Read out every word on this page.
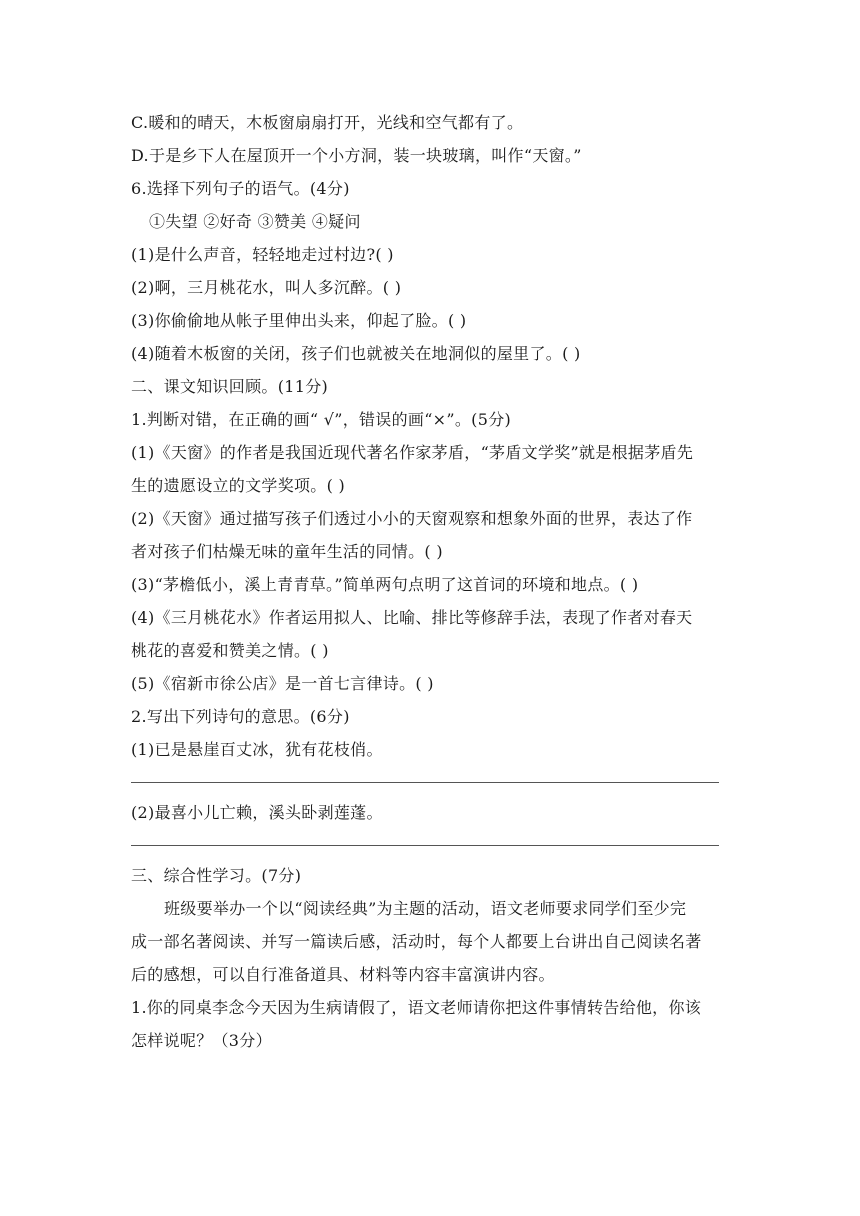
C.暖和的晴天，木板窗扇扇打开，光线和空气都有了。
D.于是乡下人在屋顶开一个小方洞，装一块玻璃，叫作“天窗。”
6.选择下列句子的语气。(4分)
①失望 ②好奇 ③赞美 ④疑问
(1)是什么声音，轻轻地走过村边?( )
(2)啊，三月桃花水，叫人多沉醉。( )
(3)你偷偷地从帐子里伸出头来，仰起了脸。( )
(4)随着木板窗的关闭，孩子们也就被关在地洞似的屋里了。( )
二、课文知识回顾。(11分)
1.判断对错，在正确的画“ √”，错误的画“×”。(5分)
(1)《天窗》的作者是我国近现代著名作家茅盾，“茅盾文学奖”就是根据茅盾先
生的遗愿设立的文学奖项。( )
(2)《天窗》通过描写孩子们透过小小的天窗观察和想象外面的世界，表达了作
者对孩子们枯燥无味的童年生活的同情。( )
(3)“茅檐低小，溪上青青草。”简单两句点明了这首词的环境和地点。( )
(4)《三月桃花水》作者运用拟人、比喻、排比等修辞手法，表现了作者对春天
桃花的喜爱和赞美之情。( )
(5)《宿新市徐公店》是一首七言律诗。( )
2.写出下列诗句的意思。(6分)
(1)已是悬崖百丈冰，犹有花枝俏。
(2)最喜小儿亡赖，溪头卧剥莲蓬。
三、综合性学习。(7分)
班级要举办一个以“阅读经典”为主题的活动，语文老师要求同学们至少完
成一部名著阅读、并写一篇读后感，活动时，每个人都要上台讲出自己阅读名著
后的感想，可以自行准备道具、材料等内容丰富演讲内容。
1.你的同桌李念今天因为生病请假了，语文老师请你把这件事情转告给他，你该
怎样说呢？（3分）
